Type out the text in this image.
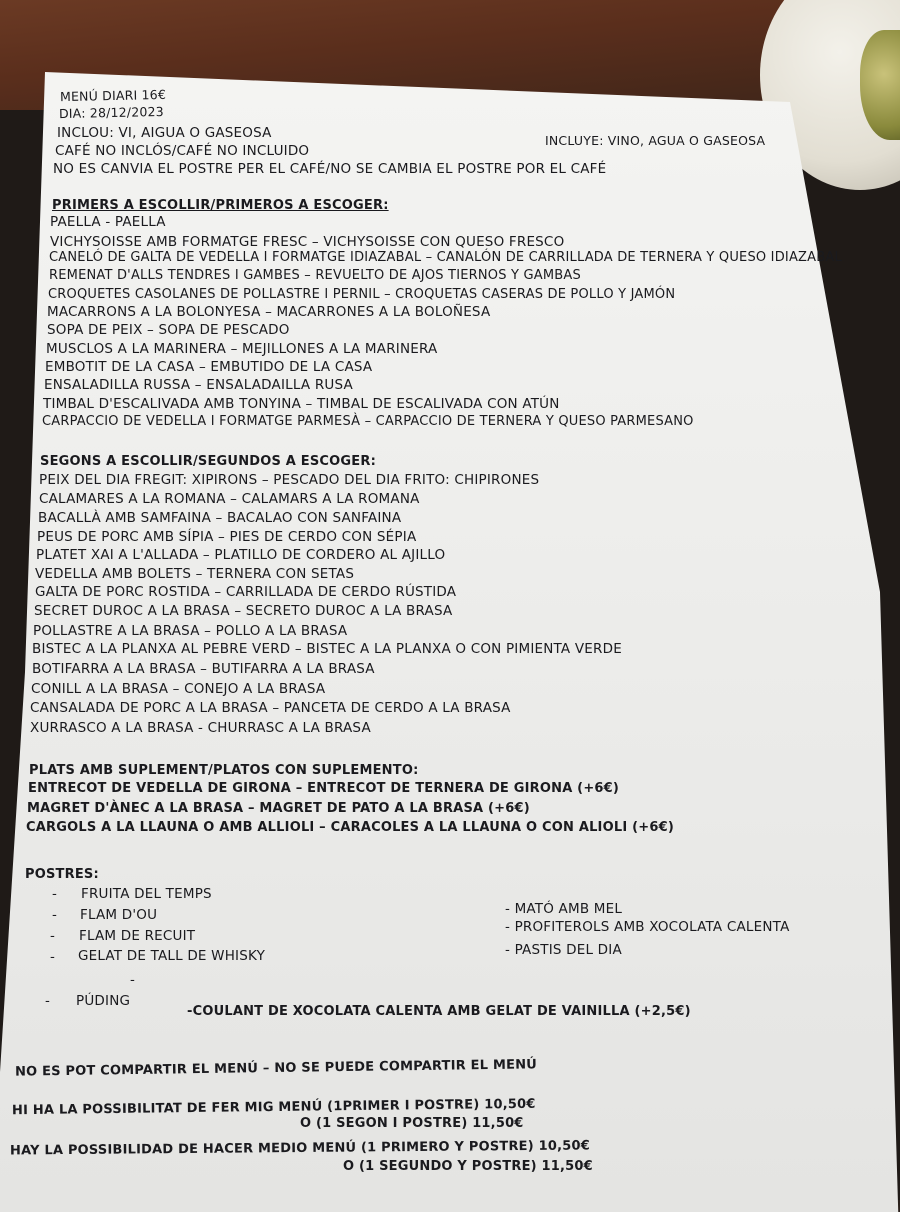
MENÚ DIARI 16€
DIA: 28/12/2023
INCLOU: VI, AIGUA O GASEOSA	INCLUYE: VINO, AGUA O GASEOSA
CAFÉ NO INCLÓS/CAFÉ NO INCLUIDO
NO ES CANVIA EL POSTRE PER EL CAFÉ/NO SE CAMBIA EL POSTRE POR EL CAFÉ
PRIMERS A ESCOLLIR/PRIMEROS A ESCOGER:
PAELLA - PAELLA
VICHYSOISSE AMB FORMATGE FRESC – VICHYSOISSE CON QUESO FRESCO
CANELÓ DE GALTA DE VEDELLA I FORMATGE IDIAZABAL – CANALÓN DE CARRILLADA DE TERNERA Y QUESO IDIAZABAL
REMENAT D'ALLS TENDRES I GAMBES – REVUELTO DE AJOS TIERNOS Y GAMBAS
CROQUETES CASOLANES DE POLLASTRE I PERNIL – CROQUETAS CASERAS DE POLLO Y JAMÓN
MACARRONS A LA BOLONYESA – MACARRONES A LA BOLOÑESA
SOPA DE PEIX – SOPA DE PESCADO
MUSCLOS A LA MARINERA – MEJILLONES A LA MARINERA
EMBOTIT DE LA CASA – EMBUTIDO DE LA CASA
ENSALADILLA RUSSA – ENSALADAILLA RUSA
TIMBAL D'ESCALIVADA AMB TONYINA – TIMBAL DE ESCALIVADA CON ATÚN
CARPACCIO DE VEDELLA I FORMATGE PARMESÀ – CARPACCIO DE TERNERA Y QUESO PARMESANO
SEGONS A ESCOLLIR/SEGUNDOS A ESCOGER:
PEIX DEL DIA FREGIT: XIPIRONS – PESCADO DEL DIA FRITO: CHIPIRONES
CALAMARES A LA ROMANA – CALAMARS A LA ROMANA
BACALLÀ AMB SAMFAINA – BACALAO CON SANFAINA
PEUS DE PORC AMB SÍPIA – PIES DE CERDO CON SÉPIA
PLATET XAI A L'ALLADA – PLATILLO DE CORDERO AL AJILLO
VEDELLA AMB BOLETS – TERNERA CON SETAS
GALTA DE PORC ROSTIDA – CARRILLADA DE CERDO RÚSTIDA
SECRET DUROC A LA BRASA – SECRETO DUROC A LA BRASA
POLLASTRE A LA BRASA – POLLO A LA BRASA
BISTEC A LA PLANXA AL PEBRE VERD – BISTEC A LA PLANXA O CON PIMIENTA VERDE
BOTIFARRA A LA BRASA – BUTIFARRA A LA BRASA
CONILL A LA BRASA – CONEJO A LA BRASA
CANSALADA DE PORC A LA BRASA – PANCETA DE CERDO A LA BRASA
XURRASCO A LA BRASA - CHURRASC A LA BRASA
PLATS AMB SUPLEMENT/PLATOS CON SUPLEMENTO:
ENTRECOT DE VEDELLA DE GIRONA – ENTRECOT DE TERNERA DE GIRONA (+6€)
MAGRET D'ÀNEC A LA BRASA – MAGRET DE PATO A LA BRASA (+6€)
CARGOLS A LA LLAUNA O AMB ALLIOLI – CARACOLES A LA LLAUNA O CON ALIOLI (+6€)
POSTRES:
- FRUITA DEL TEMPS
- FLAM D'OU
- FLAM DE RECUIT
- GELAT DE TALL DE WHISKY
-
- PÚDING
- MATÓ AMB MEL
- PROFITEROLS AMB XOCOLATA CALENTA
- PASTIS DEL DIA
-COULANT DE XOCOLATA CALENTA AMB GELAT DE VAINILLA (+2,5€)
NO ES POT COMPARTIR EL MENÚ – NO SE PUEDE COMPARTIR EL MENÚ
HI HA LA POSSIBILITAT DE FER MIG MENÚ (1PRIMER I POSTRE) 10,50€
O (1 SEGON I POSTRE) 11,50€
HAY LA POSSIBILIDAD DE HACER MEDIO MENÚ (1 PRIMERO Y POSTRE) 10,50€
O (1 SEGUNDO Y POSTRE) 11,50€
